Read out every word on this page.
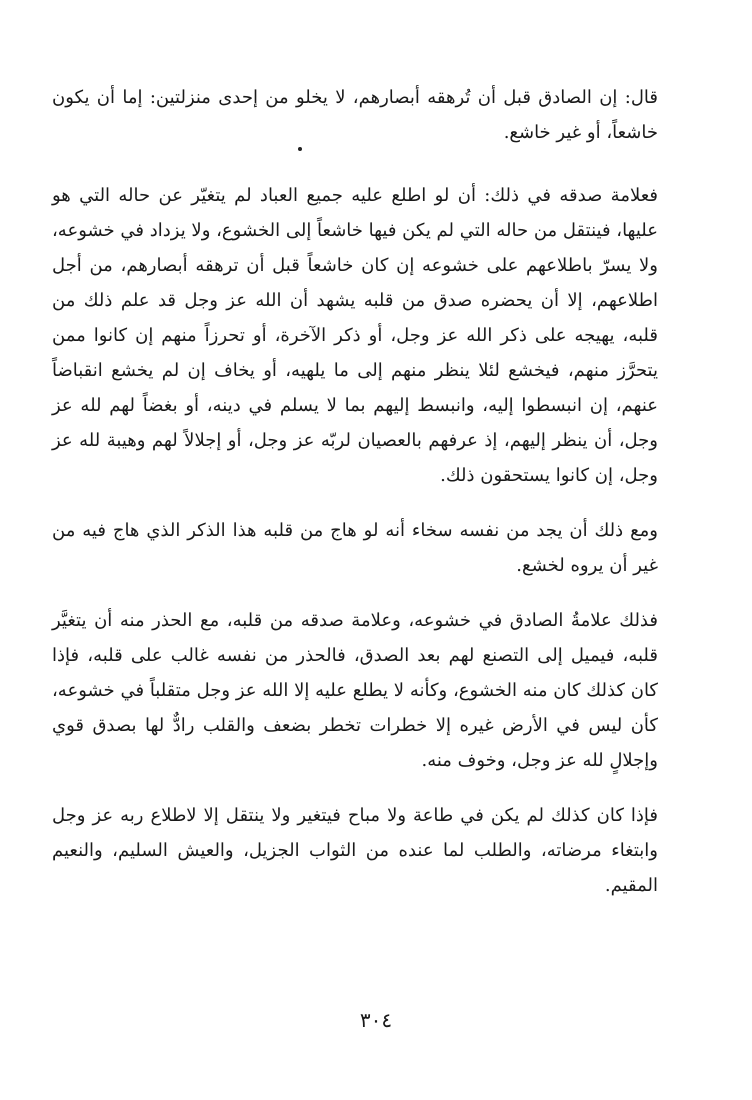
قال: إن الصادق قبل أن تُرهقه أبصارهم، لا يخلو من إحدى منزلتين: إما أن يكون خاشعاً، أو غير خاشع.

فعلامة صدقه في ذلك: أن لو اطلع عليه جميع العباد لم يتغيّر عن حاله التي هو عليها، فينتقل من حاله التي لم يكن فيها خاشعاً إلى الخشوع، ولا يزداد في خشوعه، ولا يسرّ باطلاعهم على خشوعه إن كان خاشعاً قبل أن ترهقه أبصارهم، من أجل اطلاعهم، إلا أن يحضره صدق من قلبه يشهد أن الله عز وجل قد علم ذلك من قلبه، يهيجه على ذكر الله عز وجل، أو ذكر الآخرة، أو تحرزاً منهم إن كانوا ممن يتحرَّز منهم، فيخشع لئلا ينظر منهم إلى ما يلهيه، أو يخاف إن لم يخشع انقباضاً عنهم، إن انبسطوا إليه، وانبسط إليهم بما لا يسلم في دينه، أو بغضاً لهم لله عز وجل، أن ينظر إليهم، إذ عرفهم بالعصيان لربّه عز وجل، أو إجلالاً لهم وهيبة لله عز وجل، إن كانوا يستحقون ذلك.

ومع ذلك أن يجد من نفسه سخاء أنه لو هاج من قلبه هذا الذكر الذي هاج فيه من غير أن يروه لخشع.

فذلك علامةُ الصادق في خشوعه، وعلامة صدقه من قلبه، مع الحذر منه أن يتغيَّر قلبه، فيميل إلى التصنع لهم بعد الصدق، فالحذر من نفسه غالب على قلبه، فإذا كان كذلك كان منه الخشوع، وكأنه لا يطلع عليه إلا الله عز وجل متقلباً في خشوعه، كأن ليس في الأرض غيره إلا خطرات تخطر بضعف والقلب رادٌّ لها بصدق قوي وإجلالٍ لله عز وجل، وخوف منه.

فإذا كان كذلك لم يكن في طاعة ولا مباح فيتغير ولا ينتقل إلا لاطلاع ربه عز وجل وابتغاء مرضاته، والطلب لما عنده من الثواب الجزيل، والعيش السليم، والنعيم المقيم.

٣٠٤
